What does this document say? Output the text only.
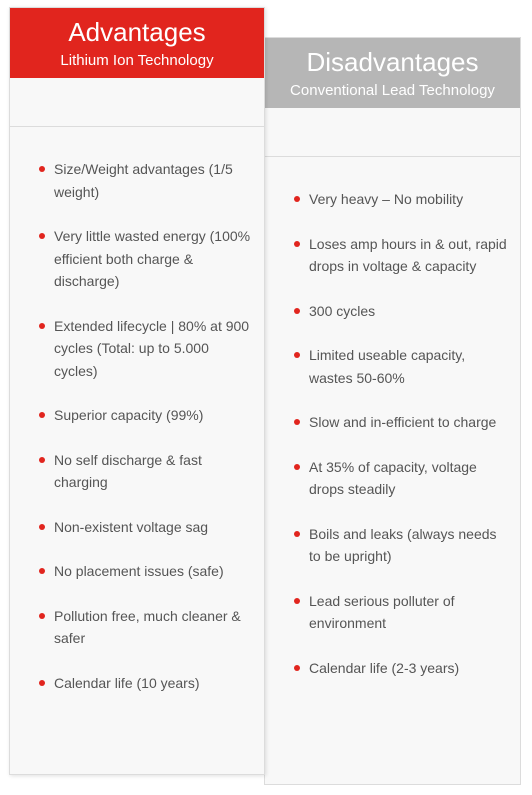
Advantages
Lithium Ion Technology
Size/Weight advantages (1/5 weight)
Very little wasted energy (100% efficient both charge & discharge)
Extended lifecycle | 80% at 900 cycles (Total: up to 5.000 cycles)
Superior capacity (99%)
No self discharge & fast charging
Non-existent voltage sag
No placement issues (safe)
Pollution free, much cleaner & safer
Calendar life (10 years)
Disadvantages
Conventional Lead Technology
Very heavy – No mobility
Loses amp hours in & out, rapid drops in voltage & capacity
300 cycles
Limited useable capacity, wastes 50-60%
Slow and in-efficient to charge
At 35% of capacity, voltage drops steadily
Boils and leaks (always needs to be upright)
Lead serious polluter of environment
Calendar life (2-3 years)
